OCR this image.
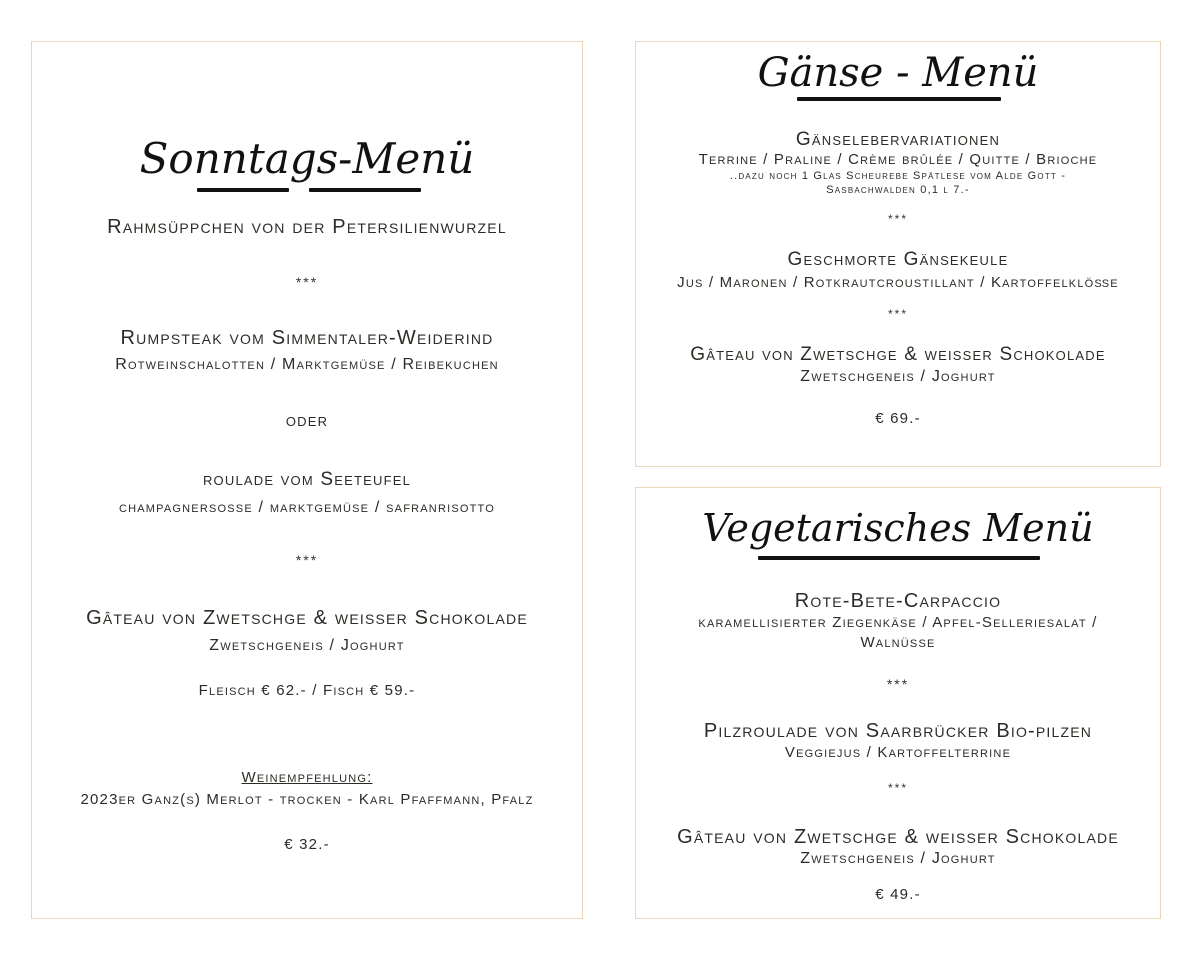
Sonntags-Menü
Rahmsüppchen von der Petersilienwurzel
***
Rumpsteak vom Simmentaler-Weiderind
Rotweinschalotten / Marktgemüse / Reibekuchen
oder
roulade vom Seeteufel
champagnersosse / marktgemüse / safranrisotto
***
Gâteau von Zwetschge & weisser Schokolade
Zwetschgeneis / Joghurt
Fleisch € 62.- / Fisch € 59.-
Weinempfehlung:
2023er Ganz(s) Merlot - trocken - Karl Pfaffmann, Pfalz
€ 32.-
Gänse - Menü
Gänselebervariationen
Terrine / Praline / Crème brûlée / Quitte / Brioche
..dazu noch 1 Glas Scheurebe Spätlese vom Alde Gott -
Sasbachwalden 0,1 l 7.-
***
Geschmorte Gänsekeule
Jus / Maronen / Rotkrautcroustillant / Kartoffelklöße
***
Gâteau von Zwetschge & weisser Schokolade
Zwetschgeneis / Joghurt
€ 69.-
Vegetarisches Menü
Rote-Bete-Carpaccio
karamellisierter Ziegenkäse / Apfel-Selleriesalat /
Walnüsse
***
Pilzroulade von Saarbrücker Bio-pilzen
Veggiejus / Kartoffelterrine
***
Gâteau von Zwetschge & weisser Schokolade
Zwetschgeneis / Joghurt
€ 49.-
